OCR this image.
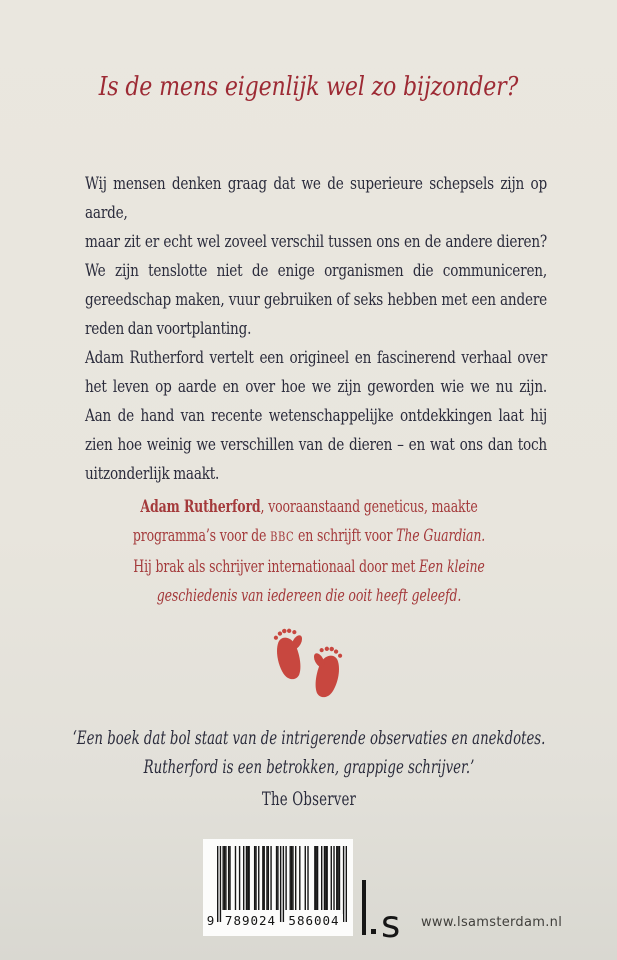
Is de mens eigenlijk wel zo bijzonder?
Wij mensen denken graag dat we de superieure schepsels zijn op aarde,
maar zit er echt wel zoveel verschil tussen ons en de andere dieren?
We zijn tenslotte niet de enige organismen die communiceren,
gereedschap maken, vuur gebruiken of seks hebben met een andere
reden dan voortplanting.
Adam Rutherford vertelt een origineel en fascinerend verhaal over
het leven op aarde en over hoe we zijn geworden wie we nu zijn.
Aan de hand van recente wetenschappelijke ontdekkingen laat hij
zien hoe weinig we verschillen van de dieren – en wat ons dan toch
uitzonderlijk maakt.
Adam Rutherford, vooraanstaand geneticus, maakte
programma’s voor de BBC en schrijft voor The Guardian.
Hij brak als schrijver internationaal door met Een kleine
geschiedenis van iedereen die ooit heeft geleefd.
‘Een boek dat bol staat van de intrigerende observaties en anekdotes.
Rutherford is een betrokken, grappige schrijver.’
The Observer
9 789024 586004 s www.lsamsterdam.nl
